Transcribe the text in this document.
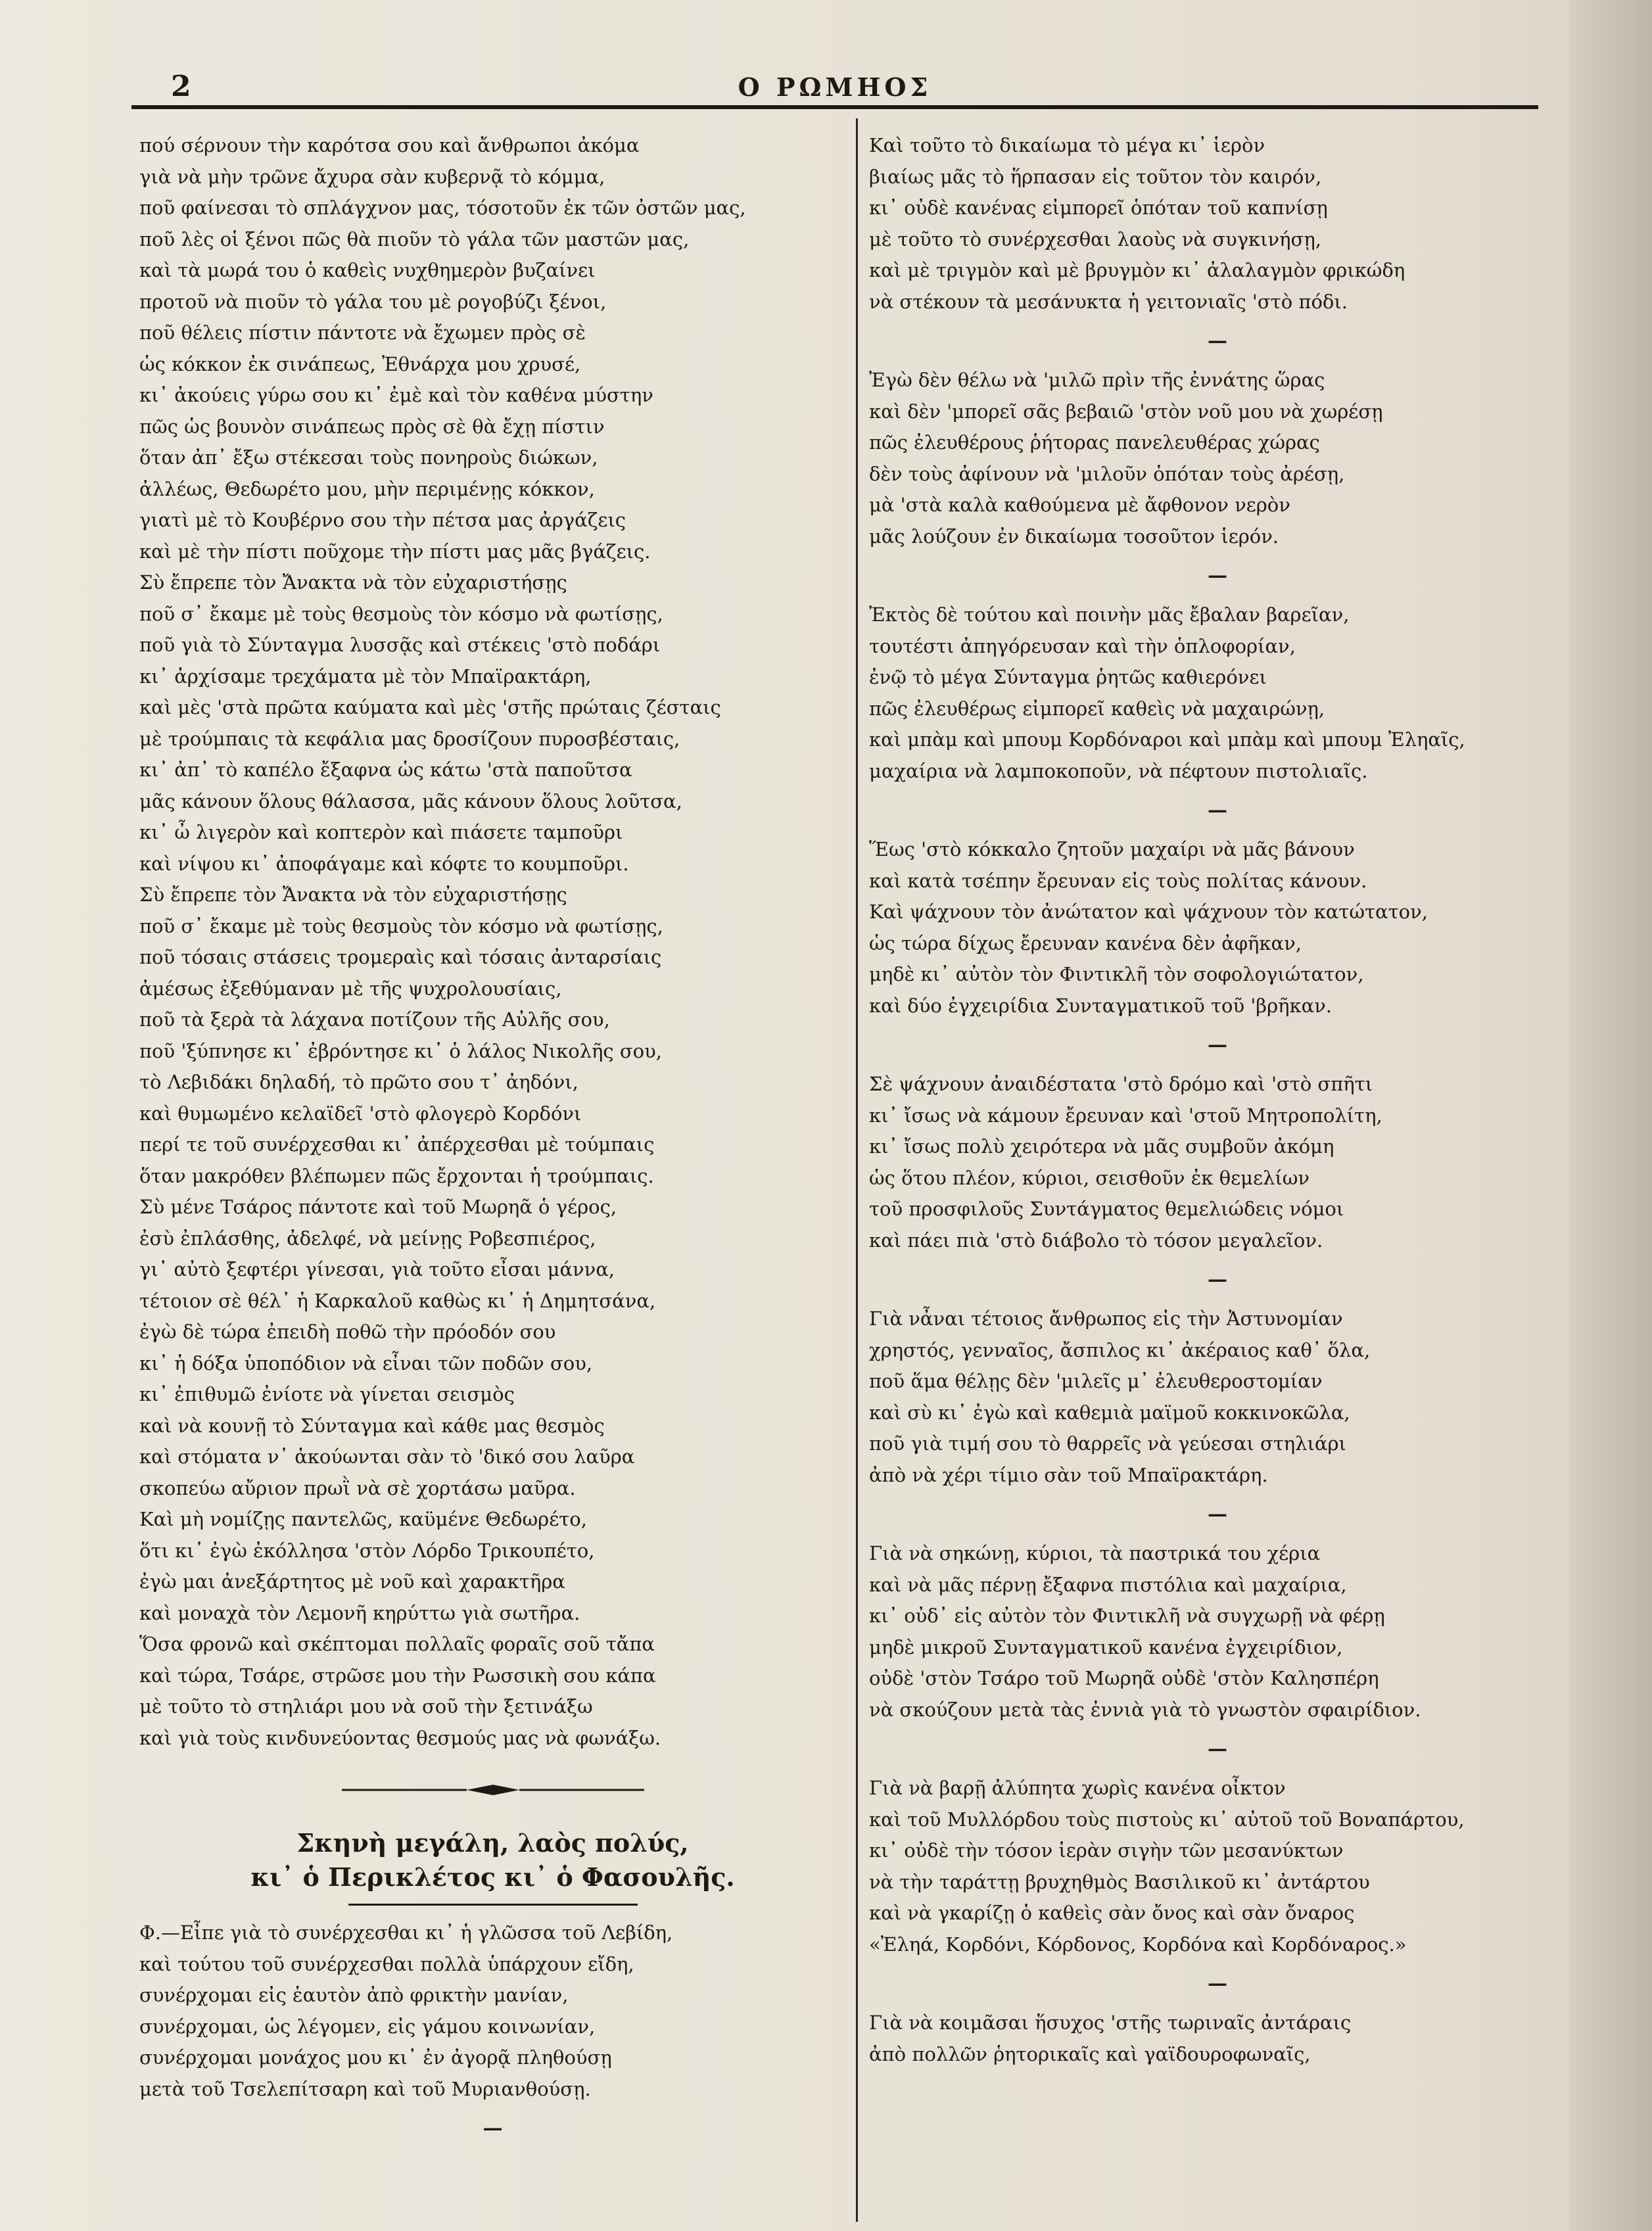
2	Ο ΡΩΜΗΟΣ
πού σέρνουν τὴν καρότσα σου καὶ ἄνθρωποι ἀκόμα
γιὰ νὰ μὴν τρῶνε ἄχυρα σὰν κυβερνᾷ τὸ κόμμα,
ποῦ φαίνεσαι τὸ σπλάγχνον μας, τόσοτοῦν ἐκ τῶν ὀστῶν μας,
ποῦ λὲς οἱ ξένοι πῶς θὰ πιοῦν τὸ γάλα τῶν μαστῶν μας,
καὶ τὰ μωρά του ὁ καθεὶς νυχθημερὸν βυζαίνει
προτοῦ νὰ πιοῦν τὸ γάλα του μὲ ρογοβύζι ξένοι,
ποῦ θέλεις πίστιν πάντοτε νὰ ἔχωμεν πρὸς σὲ
ὡς κόκκον ἐκ σινάπεως, Ἐθνάρχα μου χρυσέ,
κι᾿ ἀκούεις γύρω σου κι᾿ ἐμὲ καὶ τὸν καθένα μύστην
πῶς ὡς βουνὸν σινάπεως πρὸς σὲ θὰ ἔχῃ πίστιν
ὅταν ἀπ᾿ ἔξω στέκεσαι τοὺς πονηροὺς διώκων,
ἀλλέως, Θεδωρέτο μου, μὴν περιμένῃς κόκκον,
γιατὶ μὲ τὸ Κουβέρνο σου τὴν πέτσα μας ἀργάζεις
καὶ μὲ τὴν πίστι ποῦχομε τὴν πίστι μας μᾶς βγάζεις.
Σὺ ἔπρεπε τὸν Ἄνακτα νὰ τὸν εὐχαριστήσῃς
ποῦ σ᾿ ἔκαμε μὲ τοὺς θεσμοὺς τὸν κόσμο νὰ φωτίσῃς,
ποῦ γιὰ τὸ Σύνταγμα λυσσᾷς καὶ στέκεις 'στὸ ποδάρι
κι᾿ ἀρχίσαμε τρεχάματα μὲ τὸν Μπαϊρακτάρη,
καὶ μὲς 'στὰ πρῶτα καύματα καὶ μὲς 'στῆς πρώταις ζέσταις
μὲ τρούμπαις τὰ κεφάλια μας δροσίζουν πυροσβέσταις,
κι᾿ ἀπ᾿ τὸ καπέλο ἔξαφνα ὡς κάτω 'στὰ παποῦτσα
μᾶς κάνουν ὅλους θάλασσα, μᾶς κάνουν ὅλους λοῦτσα,
κι᾿ ὦ λιγερὸν καὶ κοπτερὸν καὶ πιάσετε ταμποῦρι
καὶ νίψου κι᾿ ἀποφάγαμε καὶ κόφτε το κουμποῦρι.
Σὺ ἔπρεπε τὸν Ἄνακτα νὰ τὸν εὐχαριστήσῃς
ποῦ σ᾿ ἔκαμε μὲ τοὺς θεσμοὺς τὸν κόσμο νὰ φωτίσῃς,
ποῦ τόσαις στάσεις τρομεραὶς καὶ τόσαις ἀνταρσίαις
ἀμέσως ἐξεθύμαναν μὲ τῆς ψυχρολουσίαις,
ποῦ τὰ ξερὰ τὰ λάχανα ποτίζουν τῆς Αὐλῆς σου,
ποῦ 'ξύπνησε κι᾿ ἐβρόντησε κι᾿ ὁ λάλος Νικολῆς σου,
τὸ Λεβιδάκι δηλαδή, τὸ πρῶτο σου τ᾿ ἀηδόνι,
καὶ θυμωμένο κελαϊδεῖ 'στὸ φλογερὸ Κορδόνι
περί τε τοῦ συνέρχεσθαι κι᾿ ἀπέρχεσθαι μὲ τούμπαις
ὅταν μακρόθεν βλέπωμεν πῶς ἔρχονται ἡ τρούμπαις.
Σὺ μένε Τσάρος πάντοτε καὶ τοῦ Μωρηᾶ ὁ γέρος,
ἐσὺ ἐπλάσθης, ἀδελφέ, νὰ μείνῃς Ροβεσπιέρος,
γι᾿ αὐτὸ ξεφτέρι γίνεσαι, γιὰ τοῦτο εἶσαι μάννα,
τέτοιον σὲ θέλ᾿ ἡ Καρκαλοῦ καθὼς κι᾿ ἡ Δημητσάνα,
ἐγὼ δὲ τώρα ἐπειδὴ ποθῶ τὴν πρόοδόν σου
κι᾿ ἡ δόξα ὑποπόδιον νὰ εἶναι τῶν ποδῶν σου,
κι᾿ ἐπιθυμῶ ἐνίοτε νὰ γίνεται σεισμὸς
καὶ νὰ κουνῇ τὸ Σύνταγμα καὶ κάθε μας θεσμὸς
καὶ στόματα ν᾿ ἀκούωνται σὰν τὸ 'δικό σου λαῦρα
σκοπεύω αὔριον πρωῒ νὰ σὲ χορτάσω μαῦρα.
Καὶ μὴ νομίζῃς παντελῶς, καϋμένε Θεδωρέτο,
ὅτι κι᾿ ἐγὼ ἐκόλλησα 'στὸν Λόρδο Τρικουπέτο,
ἐγὼ μαι ἀνεξάρτητος μὲ νοῦ καὶ χαρακτῆρα
καὶ μοναχὰ τὸν Λεμονῆ κηρύττω γιὰ σωτῆρα.
Ὅσα φρονῶ καὶ σκέπτομαι πολλαῖς φοραῖς σοῦ τἄπα
καὶ τώρα, Τσάρε, στρῶσε μου τὴν Ρωσσικὴ σου κάπα
μὲ τοῦτο τὸ στηλιάρι μου νὰ σοῦ τὴν ξετινάξω
καὶ γιὰ τοὺς κινδυνεύοντας θεσμούς μας νὰ φωνάξω.
Σκηνὴ μεγάλη, λαὸς πολύς,
κι᾿ ὁ Περικλέτος κι᾿ ὁ Φασουλῆς.
Φ.—Εἶπε γιὰ τὸ συνέρχεσθαι κι᾿ ἡ γλῶσσα τοῦ Λεβίδη,
καὶ τούτου τοῦ συνέρχεσθαι πολλὰ ὑπάρχουν εἴδη,
συνέρχομαι εἰς ἑαυτὸν ἀπὸ φρικτὴν μανίαν,
συνέρχομαι, ὡς λέγομεν, εἰς γάμου κοινωνίαν,
συνέρχομαι μονάχος μου κι᾿ ἐν ἀγορᾷ πληθούσῃ
μετὰ τοῦ Τσελεπίτσαρη καὶ τοῦ Μυριανθούσῃ.
—
Καὶ τοῦτο τὸ δικαίωμα τὸ μέγα κι᾿ ἱερὸν
βιαίως μᾶς τὸ ἥρπασαν εἰς τοῦτον τὸν καιρόν,
κι᾿ οὐδὲ κανένας εἰμπορεῖ ὁπόταν τοῦ καπνίσῃ
μὲ τοῦτο τὸ συνέρχεσθαι λαοὺς νὰ συγκινήσῃ,
καὶ μὲ τριγμὸν καὶ μὲ βρυγμὸν κι᾿ ἀλαλαγμὸν φρικώδη
νὰ στέκουν τὰ μεσάνυκτα ἡ γειτονιαῖς 'στὸ πόδι.
—
Ἐγὼ δὲν θέλω νὰ 'μιλῶ πρὶν τῆς ἐννάτης ὥρας
καὶ δὲν 'μπορεῖ σᾶς βεβαιῶ 'στὸν νοῦ μου νὰ χωρέσῃ
πῶς ἐλευθέρους ῥήτορας πανελευθέρας χώρας
δὲν τοὺς ἀφίνουν νὰ 'μιλοῦν ὁπόταν τοὺς ἀρέσῃ,
μὰ 'στὰ καλὰ καθούμενα μὲ ἄφθονον νερὸν
μᾶς λούζουν ἐν δικαίωμα τοσοῦτον ἱερόν.
—
Ἐκτὸς δὲ τούτου καὶ ποινὴν μᾶς ἔβαλαν βαρεῖαν,
τουτέστι ἀπηγόρευσαν καὶ τὴν ὁπλοφορίαν,
ἐνῷ τὸ μέγα Σύνταγμα ῥητῶς καθιερόνει
πῶς ἐλευθέρως εἰμπορεῖ καθεὶς νὰ μαχαιρώνῃ,
καὶ μπὰμ καὶ μπουμ Κορδόναροι καὶ μπὰμ καὶ μπουμ Ἐληαῖς,
μαχαίρια νὰ λαμποκοποῦν, νὰ πέφτουν πιστολιαῖς.
—
Ἕως 'στὸ κόκκαλο ζητοῦν μαχαίρι νὰ μᾶς βάνουν
καὶ κατὰ τσέπην ἔρευναν εἰς τοὺς πολίτας κάνουν.
Καὶ ψάχνουν τὸν ἀνώτατον καὶ ψάχνουν τὸν κατώτατον,
ὡς τώρα δίχως ἔρευναν κανένα δὲν ἀφῆκαν,
μηδὲ κι᾿ αὐτὸν τὸν Φιντικλῆ τὸν σοφολογιώτατον,
καὶ δύο ἐγχειρίδια Συνταγματικοῦ τοῦ 'βρῆκαν.
—
Σὲ ψάχνουν ἀναιδέστατα 'στὸ δρόμο καὶ 'στὸ σπῆτι
κι᾿ ἴσως νὰ κάμουν ἔρευναν καὶ 'στοῦ Μητροπολίτη,
κι᾿ ἴσως πολὺ χειρότερα νὰ μᾶς συμβοῦν ἀκόμη
ὡς ὅτου πλέον, κύριοι, σεισθοῦν ἐκ θεμελίων
τοῦ προσφιλοῦς Συντάγματος θεμελιώδεις νόμοι
καὶ πάει πιὰ 'στὸ διάβολο τὸ τόσον μεγαλεῖον.
—
Γιὰ νἆναι τέτοιος ἄνθρωπος εἰς τὴν Ἀστυνομίαν
χρηστός, γενναῖος, ἄσπιλος κι᾿ ἀκέραιος καθ᾿ ὅλα,
ποῦ ἅμα θέλῃς δὲν 'μιλεῖς μ᾿ ἐλευθεροστομίαν
καὶ σὺ κι᾿ ἐγὼ καὶ καθεμιὰ μαϊμοῦ κοκκινοκῶλα,
ποῦ γιὰ τιμή σου τὸ θαρρεῖς νὰ γεύεσαι στηλιάρι
ἀπὸ νὰ χέρι τίμιο σὰν τοῦ Μπαϊρακτάρη.
—
Γιὰ νὰ σηκώνῃ, κύριοι, τὰ παστρικά του χέρια
καὶ νὰ μᾶς πέρνῃ ἔξαφνα πιστόλια καὶ μαχαίρια,
κι᾿ οὐδ᾿ εἰς αὐτὸν τὸν Φιντικλῆ νὰ συγχωρῇ νὰ φέρῃ
μηδὲ μικροῦ Συνταγματικοῦ κανένα ἐγχειρίδιον,
οὐδὲ 'στὸν Τσάρο τοῦ Μωρηᾶ οὐδὲ 'στὸν Καλησπέρη
νὰ σκούζουν μετὰ τὰς ἐννιὰ γιὰ τὸ γνωστὸν σφαιρίδιον.
—
Γιὰ νὰ βαρῇ ἀλύπητα χωρὶς κανένα οἶκτον
καὶ τοῦ Μυλλόρδου τοὺς πιστοὺς κι᾿ αὐτοῦ τοῦ Βοναπάρτου,
κι᾿ οὐδὲ τὴν τόσον ἱερὰν σιγὴν τῶν μεσανύκτων
νὰ τὴν ταράττῃ βρυχηθμὸς Βασιλικοῦ κι᾿ ἀντάρτου
καὶ νὰ γκαρίζῃ ὁ καθεὶς σὰν ὄνος καὶ σὰν ὄναρος
«Ἐληά, Κορδόνι, Κόρδονος, Κορδόνα καὶ Κορδόναρος.»
—
Γιὰ νὰ κοιμᾶσαι ἥσυχος 'στῆς τωριναῖς ἀντάραις
ἀπὸ πολλῶν ῥητορικαῖς καὶ γαϊδουροφωναῖς,
